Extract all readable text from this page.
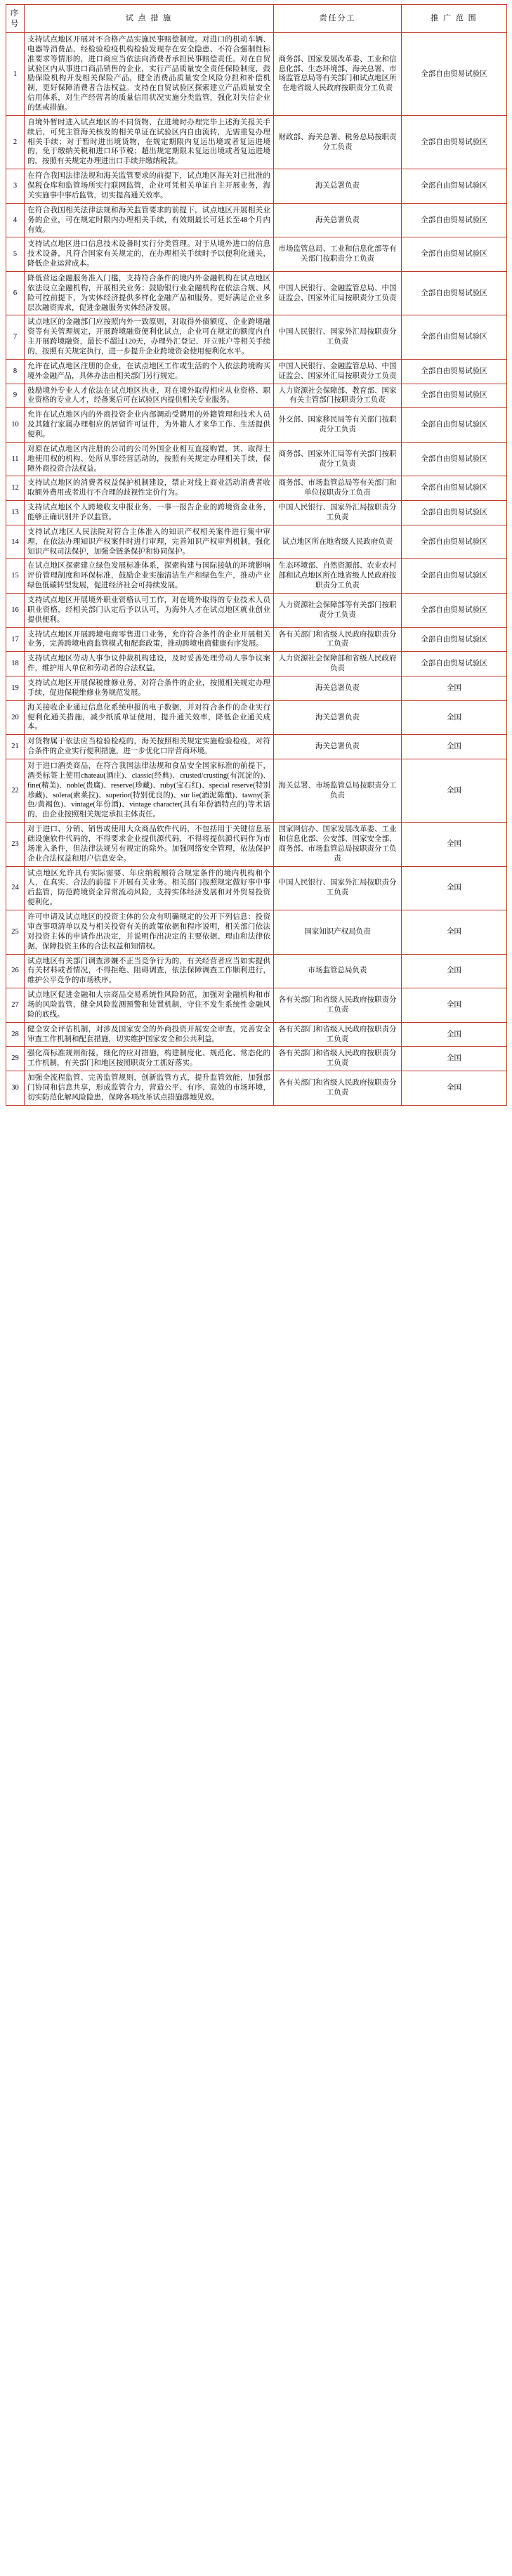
序号	试 点 措 施	责任分工	推 广 范 围
1	支持试点地区开展对不合格产品实施民事赔偿制度。对进口的机动车辆、电器等消费品，经检验检疫机构检验发现存在安全隐患、不符合强制性标准要求等情形的，进口商应当依法向消费者承担民事赔偿责任。对在自贸试验区内从事进口商品销售的企业，实行产品质量安全责任保险制度，鼓励保险机构开发相关保险产品，健全消费品质量安全风险分担和补偿机制，更好保障消费者合法权益。支持在自贸试验区探索建立产品质量安全信用体系，对生产经营者的质量信用状况实施分类监管，强化对失信企业的惩戒措施。	商务部、国家发展改革委、工业和信息化部、生态环境部、海关总署、市场监管总局等有关部门和试点地区所在地省级人民政府按职责分工负责	全部自由贸易试验区
2	自境外暂时进入试点地区的不同货物、在进境时办理完毕上述海关报关手续后，可凭主管海关核发的相关单证在试验区内自由流转，无需重复办理相关手续；对于暂时进出境货物，在规定期限内复运出境或者复运进境的，免于缴纳关税和进口环节税；超出规定期限未复运出境或者复运进境的，按照有关规定办理进出口手续并缴纳税款。	财政部、海关总署、税务总局按职责分工负责	全部自由贸易试验区
3	在符合我国法律法规和海关监管要求的前提下，试点地区海关对已批准的保税仓库和监管场所实行联网监管，企业可凭相关单证自主开展业务，海关实施事中事后监管，切实提高通关效率。	海关总署负责	全部自由贸易试验区
4	在符合我国相关法律法规和海关监管要求的前提下，试点地区开展相关业务的企业，可在规定时限内办理相关手续，有效期最长可延长至48个月内有效。	海关总署负责	全部自由贸易试验区
5	支持试点地区进口信息技术设备时实行分类管理。对于从境外进口的信息技术设备，凡符合国家有关规定的，在办理相关手续时予以便利化通关，降低企业运营成本。	市场监管总局、工业和信息化部等有关部门按职责分工负责	全部自由贸易试验区
6	降低营运金融服务准入门槛，支持符合条件的境内外金融机构在试点地区依法设立金融机构，开展相关业务；鼓励银行业金融机构在依法合规、风险可控前提下，为实体经济提供多样化金融产品和服务，更好满足企业多层次融资需求，促进金融服务实体经济发展。	中国人民银行、金融监管总局、中国证监会、国家外汇局按职责分工负责	全部自由贸易试验区
7	试点地区的金融部门应按照内外一致原则，对取得外债额度、企业跨境融资等有关管理规定，开展跨境融资便利化试点，企业可在规定的额度内自主开展跨境融资，最长不超过120天，办理外汇登记、开立账户等相关手续的，按照有关规定执行，进一步提升企业跨境资金使用便利化水平。	中国人民银行、国家外汇局按职责分工负责	全部自由贸易试验区
8	允许在试点地区注册的企业，在试点地区工作或生活的个人依法跨境购买境外金融产品，具体办法由相关部门另行规定。	中国人民银行、金融监管总局、中国证监会、国家外汇局按职责分工负责	全部自由贸易试验区
9	鼓励境外专业人才依法在试点地区执业，对在境外取得相应从业资格、职业资格的专业人才，经备案后可在试验区内提供相关专业服务。	人力资源社会保障部、教育部、国家有关主管部门按职责分工负责	全部自由贸易试验区
10	允许在试点地区内的外商投资企业内部调动受聘用的外籍管理和技术人员及其随行家属办理相应的居留许可证件，为外籍人才来华工作、生活提供便利。	外交部、国家移民局等有关部门按职责分工负责	全部自由贸易试验区
11	对原在试点地区内注册的公司的公司外国企业相互直接购置，其、取得土地使用权的机构、处所从事经营活动的，按照有关规定办理相关手续，保障外商投资合法权益。	商务部、国家外汇局等有关部门按职责分工负责	全部自由贸易试验区
12	支持试点地区的消费者权益保护机制建设，禁止对线上商业活动消费者收取额外费用或者进行不合理的歧视性定价行为。	商务部、市场监管总局等有关部门和单位按职责分工负责	全部自由贸易试验区
13	支持试点地区个人跨境收支申报业务，一事一报告企业的跨境资金业务，能够正确识别并予以监管。	中国人民银行、国家外汇局按职责分工负责	全部自由贸易试验区
14	支持试点地区人民法院对符合主体准入的知识产权相关案件进行集中审理，在依法办理知识产权案件时进行审理，完善知识产权审判机制，强化知识产权司法保护，加强全链条保护和协同保护。	试点地区所在地省级人民政府负责	全部自由贸易试验区
15	在试点地区探索建立绿色发展标准体系，探索构建与国际接轨的环境影响评价管理制度和环保标准，鼓励企业实施清洁生产和绿色生产，推动产业绿色低碳转型发展，促进经济社会可持续发展。	生态环境部、自然资源部、农业农村部和试点地区所在地省级人民政府按职责分工负责	全部自由贸易试验区
16	支持试点地区开展境外职业资格认可工作，对在境外取得的专业技术人员职业资格，经相关部门认定后予以认可，为海外人才在试点地区就业创业提供便利。	人力资源社会保障部等有关部门按职责分工负责	全部自由贸易试验区
17	支持试点地区开展跨境电商零售进口业务，允许符合条件的企业开展相关业务，完善跨境电商监管模式和配套政策，推动跨境电商健康有序发展。	各有关部门和省级人民政府按职责分工负责	全部自由贸易试验区
18	支持试点地区劳动人事争议仲裁机构建设，及时妥善处理劳动人事争议案件，维护用人单位和劳动者的合法权益。	人力资源社会保障部和省级人民政府负责	全部自由贸易试验区
19	支持试点地区开展保税维修业务，对符合条件的企业，按照相关规定办理手续，促进保税维修业务规范发展。	海关总署负责	全国
20	海关接收企业通过信息化系统申报的电子数据，并对符合条件的企业实行便利化通关措施，减少纸质单证使用，提升通关效率，降低企业通关成本。	海关总署负责	全国
21	对货物属于依法应当检验检疫的，海关按照相关规定实施检验检疫，对符合条件的企业实行便利措施，进一步优化口岸营商环境。	海关总署负责	全国
22	对于进口酒类商品，在符合我国法律法规和食品安全国家标准的前提下，酒类标签上使用chateau(酒庄)、classic(经典)、crusted/crusting(有沉淀的)、fine(精美)、noble(贵腐)、reserve(珍藏)、ruby(宝石红)、special reserve(特别珍藏)、solera(索莱拉)、superior(特别优良的)、sur lie(酒泥陈酿)、tawny(茶色/黄褐色)、vintage(年份酒)、vintage character(具有年份酒特点的)等术语的，由企业按照相关规定承担主体责任。	海关总署、市场监管总局按职责分工负责	全国
23	对于进口、分销、销售或使用大众商品软件代码，不包括用于关键信息基础设施软件代码的，不得要求企业提供源代码，不得将提供源代码作为市场准入条件，但法律法规另有规定的除外。加强网络安全管理，依法保护企业合法权益和用户信息安全。	国家网信办、国家发展改革委、工业和信息化部、公安部、国家安全部、商务部、市场监管总局按职责分工负责	全国
24	试点地区允许具有实际需要、年应纳税额符合规定条件的境内机构和个人，在真实、合法的前提下开展有关业务。相关部门按照规定做好事中事后监管，防范跨境资金异常流动风险，支持实体经济发展和对外贸易投资便利化。	中国人民银行、国家外汇局按职责分工负责	全国
25	许可申请及试点地区的投资主体的公众有明确规定的公开下列信息：投资审查事项清单以及与相关投资有关的政策依据和程序说明，相关部门依法对投资主体的申请作出决定，并说明作出决定的主要依据、理由和法律依据，保障投资主体的合法权益和知情权。	国家知识产权局负责	全国
26	试点地区有关部门调查涉嫌不正当竞争行为的，有关经营者应当如实提供有关材料或者情况，不得拒绝、阻碍调查，依法保障调查工作顺利进行，维护公平竞争的市场秩序。	市场监管总局负责	全国
27	试点地区促进金融和大宗商品交易系统性风险防范，加强对金融机构和市场的风险监管，健全风险监测预警和处置机制，守住不发生系统性金融风险的底线。	各有关部门和省级人民政府按职责分工负责	全国
28	健全安全评估机制，对涉及国家安全的外商投资开展安全审查，完善安全审查工作机制和配套措施，切实维护国家安全和公共利益。	各有关部门和省级人民政府按职责分工负责	全国
29	强化高标准规则衔接，细化的应对措施，构建制度化、规范化、常态化的工作机制，有关部门和地区按照职责分工抓好落实。	各有关部门和省级人民政府按职责分工负责	全国
30	加强全流程监管、完善监管规则，创新监管方式，提升监管效能，加强部门协同和信息共享，形成监管合力，营造公平、有序、高效的市场环境，切实防范化解风险隐患，保障各项改革试点措施落地见效。	各有关部门和省级人民政府按职责分工负责	全国
